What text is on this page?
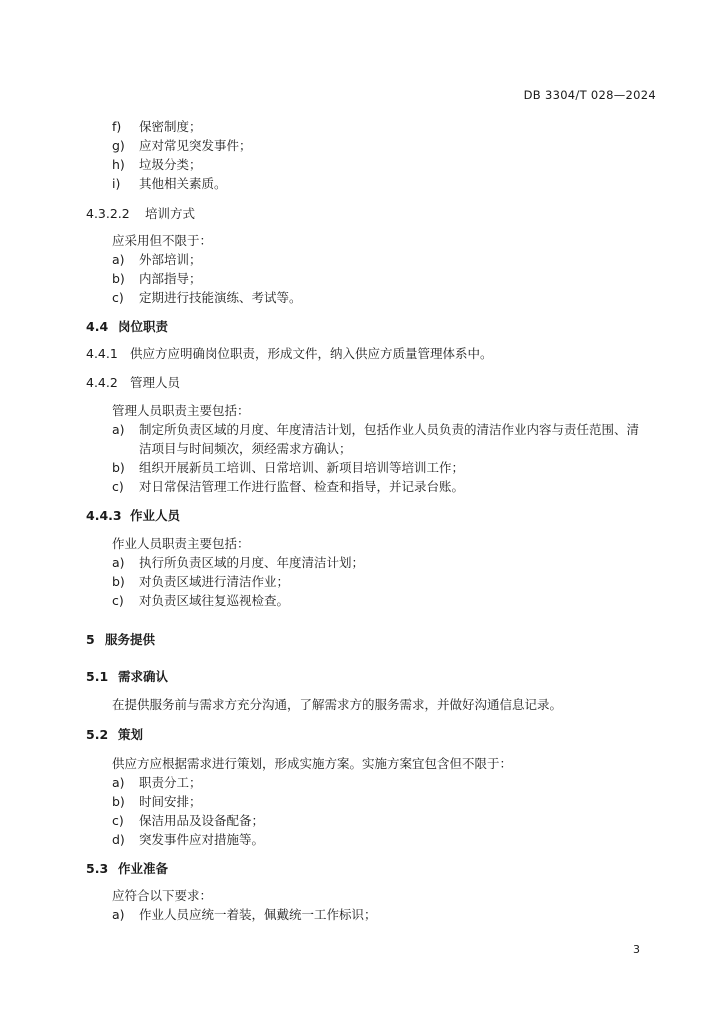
DB 3304/T 028—2024
f) 保密制度；
g) 应对常见突发事件；
h) 垃圾分类；
i) 其他相关素质。
4.3.2.2 培训方式
应采用但不限于：
a) 外部培训；
b) 内部指导；
c) 定期进行技能演练、考试等。
4.4 岗位职责
4.4.1 供应方应明确岗位职责，形成文件，纳入供应方质量管理体系中。
4.4.2 管理人员
管理人员职责主要包括：
a) 制定所负责区域的月度、年度清洁计划，包括作业人员负责的清洁作业内容与责任范围、清
洁项目与时间频次，须经需求方确认；
b) 组织开展新员工培训、日常培训、新项目培训等培训工作；
c) 对日常保洁管理工作进行监督、检查和指导，并记录台账。
4.4.3 作业人员
作业人员职责主要包括：
a) 执行所负责区域的月度、年度清洁计划；
b) 对负责区域进行清洁作业；
c) 对负责区域往复巡视检查。
5 服务提供
5.1 需求确认
在提供服务前与需求方充分沟通，了解需求方的服务需求，并做好沟通信息记录。
5.2 策划
供应方应根据需求进行策划，形成实施方案。实施方案宜包含但不限于：
a) 职责分工；
b) 时间安排；
c) 保洁用品及设备配备；
d) 突发事件应对措施等。
5.3 作业准备
应符合以下要求：
a) 作业人员应统一着装，佩戴统一工作标识；
3
